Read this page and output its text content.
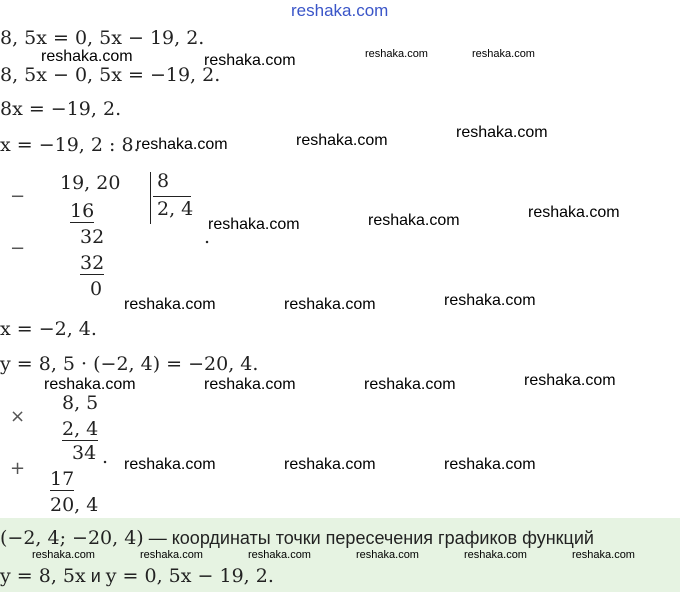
reshaka.com
8, 5x = 0, 5x − 19, 2.
8, 5x − 0, 5x = −19, 2.
8x = −19, 2.
x = −19, 2 : 8.
−
19, 20
16
−
32
32
0
8
2, 4
.
x = −2, 4.
y = 8, 5 · (−2, 4) = −20, 4.
×
8, 5
2, 4
34 .
+ 17
20, 4
(−2, 4; −20, 4) — координаты точки пересечения графиков функций
y = 8, 5x и y = 0, 5x − 19, 2.
reshaka.com	reshaka.com	reshaka.com	reshaka.com
reshaka.com	reshaka.com	reshaka.com
reshaka.com	reshaka.com	reshaka.com
reshaka.com	reshaka.com	reshaka.com
reshaka.com	reshaka.com	reshaka.com	reshaka.com
reshaka.com	reshaka.com	reshaka.com
reshaka.com	reshaka.com	reshaka.com	reshaka.com	reshaka.com	reshaka.com
